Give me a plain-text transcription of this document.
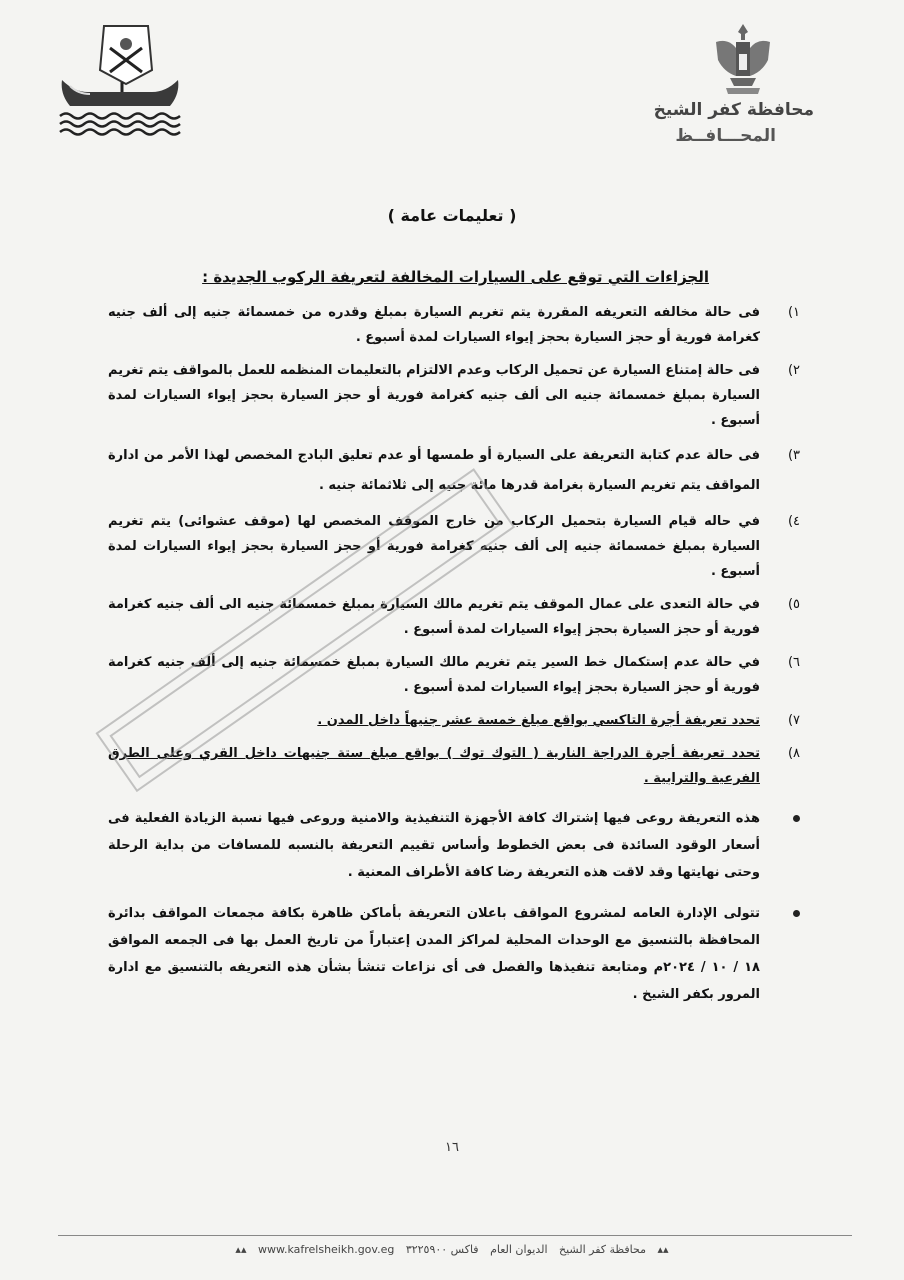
محافظة كفر الشيخ
المحـــافــظ
( تعليمات عامة )
الجزاءات التي توقع على السيارات المخالفة لتعريفة الركوب الجديدة :
١)
فى حالة مخالفه التعريفه المقررة يتم تغريم السيارة بمبلغ وقدره من خمسمائة جنيه إلى ألف جنيه كغرامة فورية أو حجز السيارة بحجز إيواء السيارات لمدة أسبوع .
٢)
فى حالة إمتناع السيارة عن تحميل الركاب وعدم الالتزام بالتعليمات المنظمه للعمل بالمواقف يتم تغريم السيارة بمبلغ خمسمائة جنيه الى ألف جنيه كغرامة فورية أو حجز السيارة بحجز إيواء السيارات لمدة أسبوع .
٣)
فى حالة عدم كتابة التعريفة على السيارة أو طمسها أو عدم تعليق البادج المخصص لهذا الأمر من ادارة المواقف يتم تغريم السيارة بغرامة قدرها مائة جنيه إلى ثلاثمائة جنيه .
٤)
في حاله قيام السيارة بتحميل الركاب من خارج الموقف المخصص لها (موقف عشوائى) يتم تغريم السيارة بمبلغ خمسمائة جنيه إلى ألف جنيه كغرامة فورية أو حجز السيارة بحجز إيواء السيارات لمدة أسبوع .
٥)
في حالة التعدى على عمال الموقف يتم تغريم مالك السيارة بمبلغ خمسمائة جنيه الى ألف جنيه كغرامة فورية أو حجز السيارة بحجز إيواء السيارات لمدة أسبوع .
٦)
في حالة عدم إستكمال خط السير يتم تغريم مالك السيارة بمبلغ خمسمائة جنيه إلى ألف جنيه كغرامة فورية أو حجز السيارة بحجز إيواء السيارات لمدة أسبوع .
٧)
تحدد تعريفة أجرة التاكسي بواقع مبلغ خمسة عشر جنيهاً داخل المدن .
٨)
تحدد تعريفة أجرة الدراجة النارية ( التوك توك ) بواقع مبلغ ستة جنيهات داخل القري وعلى الطرق الفرعية والترابية .
هذه التعريفة روعى فيها إشتراك كافة الأجهزة التنفيذية والامنية وروعى فيها نسبة الزيادة الفعلية فى أسعار الوقود السائدة فى بعض الخطوط وأساس تقييم التعريفة بالنسبه للمسافات من بداية الرحلة وحتى نهايتها وقد لاقت هذه التعريفة رضا كافة الأطراف المعنية .
تتولى الإدارة العامه لمشروع المواقف باعلان التعريفة بأماكن ظاهرة بكافة مجمعات المواقف بدائرة المحافظة بالتنسيق مع الوحدات المحلية لمراكز المدن إعتباراً من تاريخ العمل بها فى الجمعه الموافق ١٨ / ١٠ / ٢٠٢٤م ومتابعة تنفيذها والفصل فى أى نزاعات تنشأ بشأن هذه التعريفه بالتنسيق مع ادارة المرور بكفر الشيخ .
١٦
▴▴ محافظة كفر الشيخ الديوان العام فاكس ٣٢٢٥٩٠٠ www.kafrelsheikh.gov.eg ▴▴
